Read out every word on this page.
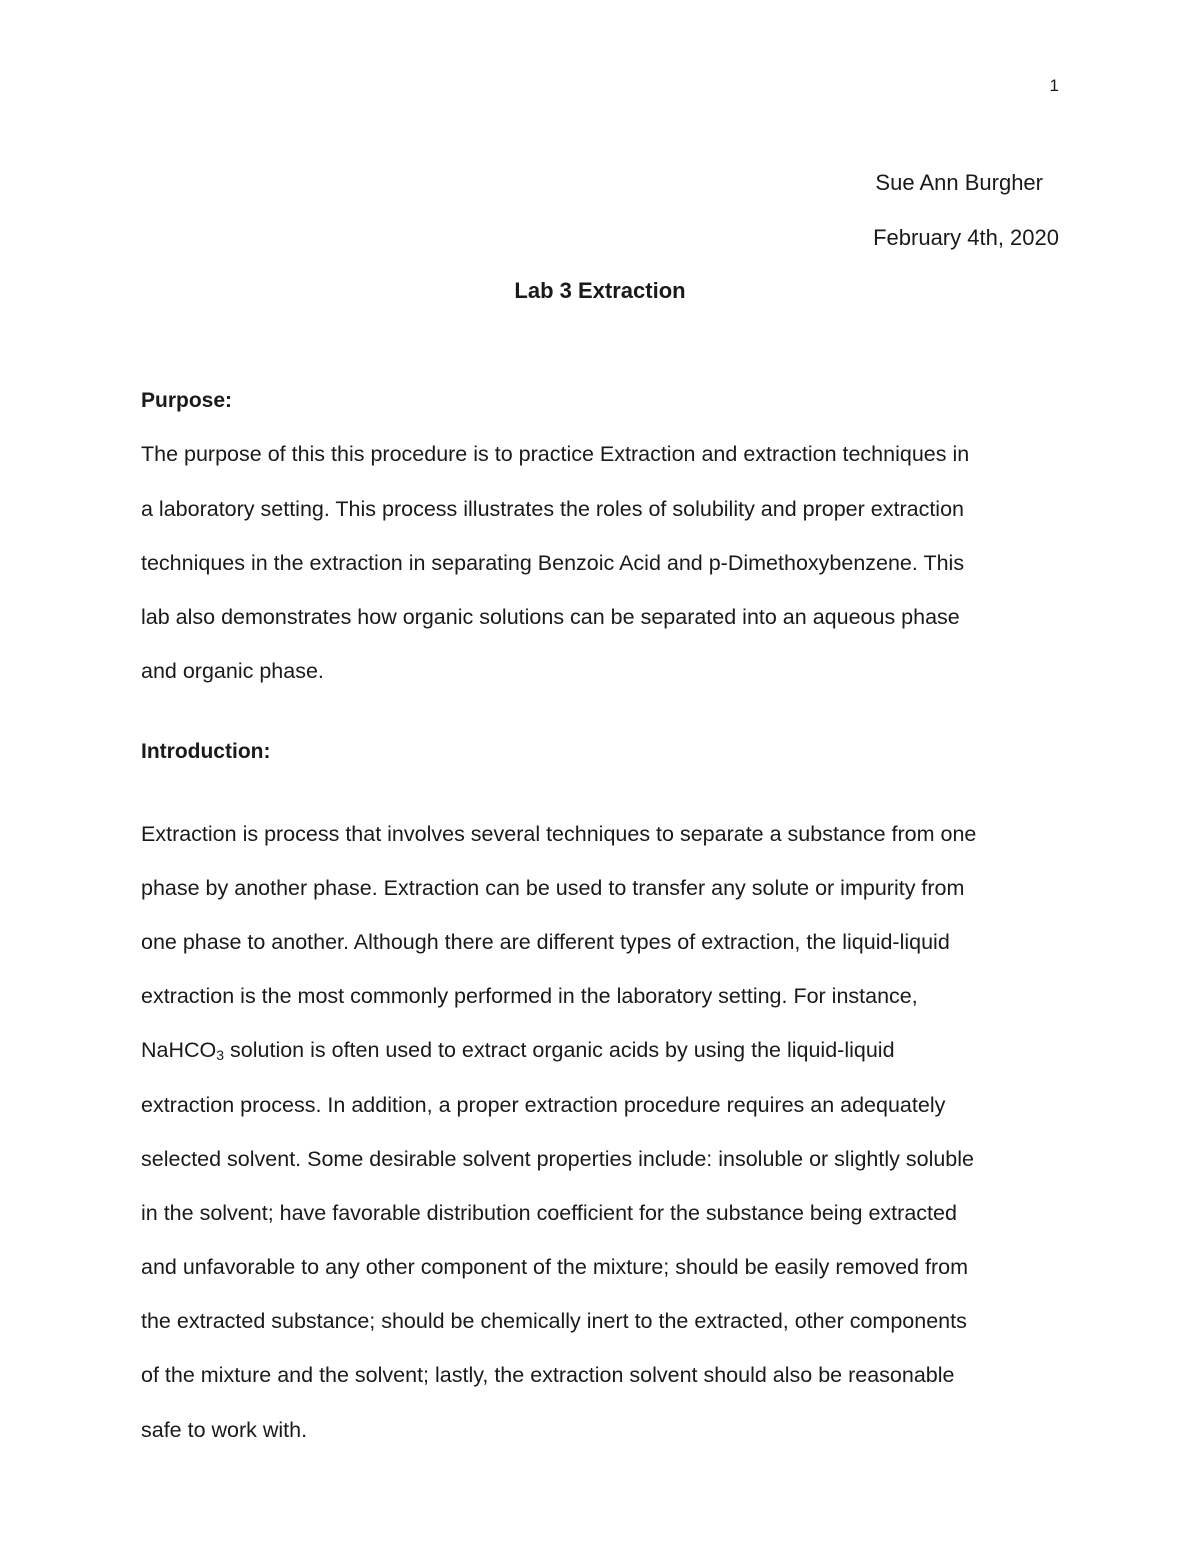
1
Sue Ann Burgher
February 4th, 2020
Lab 3 Extraction
Purpose:
The purpose of this this procedure is to practice Extraction and extraction techniques in
a laboratory setting. This process illustrates the roles of solubility and proper extraction
techniques in the extraction in separating Benzoic Acid and p-Dimethoxybenzene. This
lab also demonstrates how organic solutions can be separated into an aqueous phase
and organic phase.
Introduction:
Extraction is process that involves several techniques to separate a substance from one
phase by another phase. Extraction can be used to transfer any solute or impurity from
one phase to another. Although there are different types of extraction, the liquid-liquid
extraction is the most commonly performed in the laboratory setting. For instance,
NaHCO$_3$ solution is often used to extract organic acids by using the liquid-liquid
extraction process. In addition, a proper extraction procedure requires an adequately
selected solvent. Some desirable solvent properties include: insoluble or slightly soluble
in the solvent; have favorable distribution coefficient for the substance being extracted
and unfavorable to any other component of the mixture; should be easily removed from
the extracted substance; should be chemically inert to the extracted, other components
of the mixture and the solvent; lastly, the extraction solvent should also be reasonable
safe to work with.
